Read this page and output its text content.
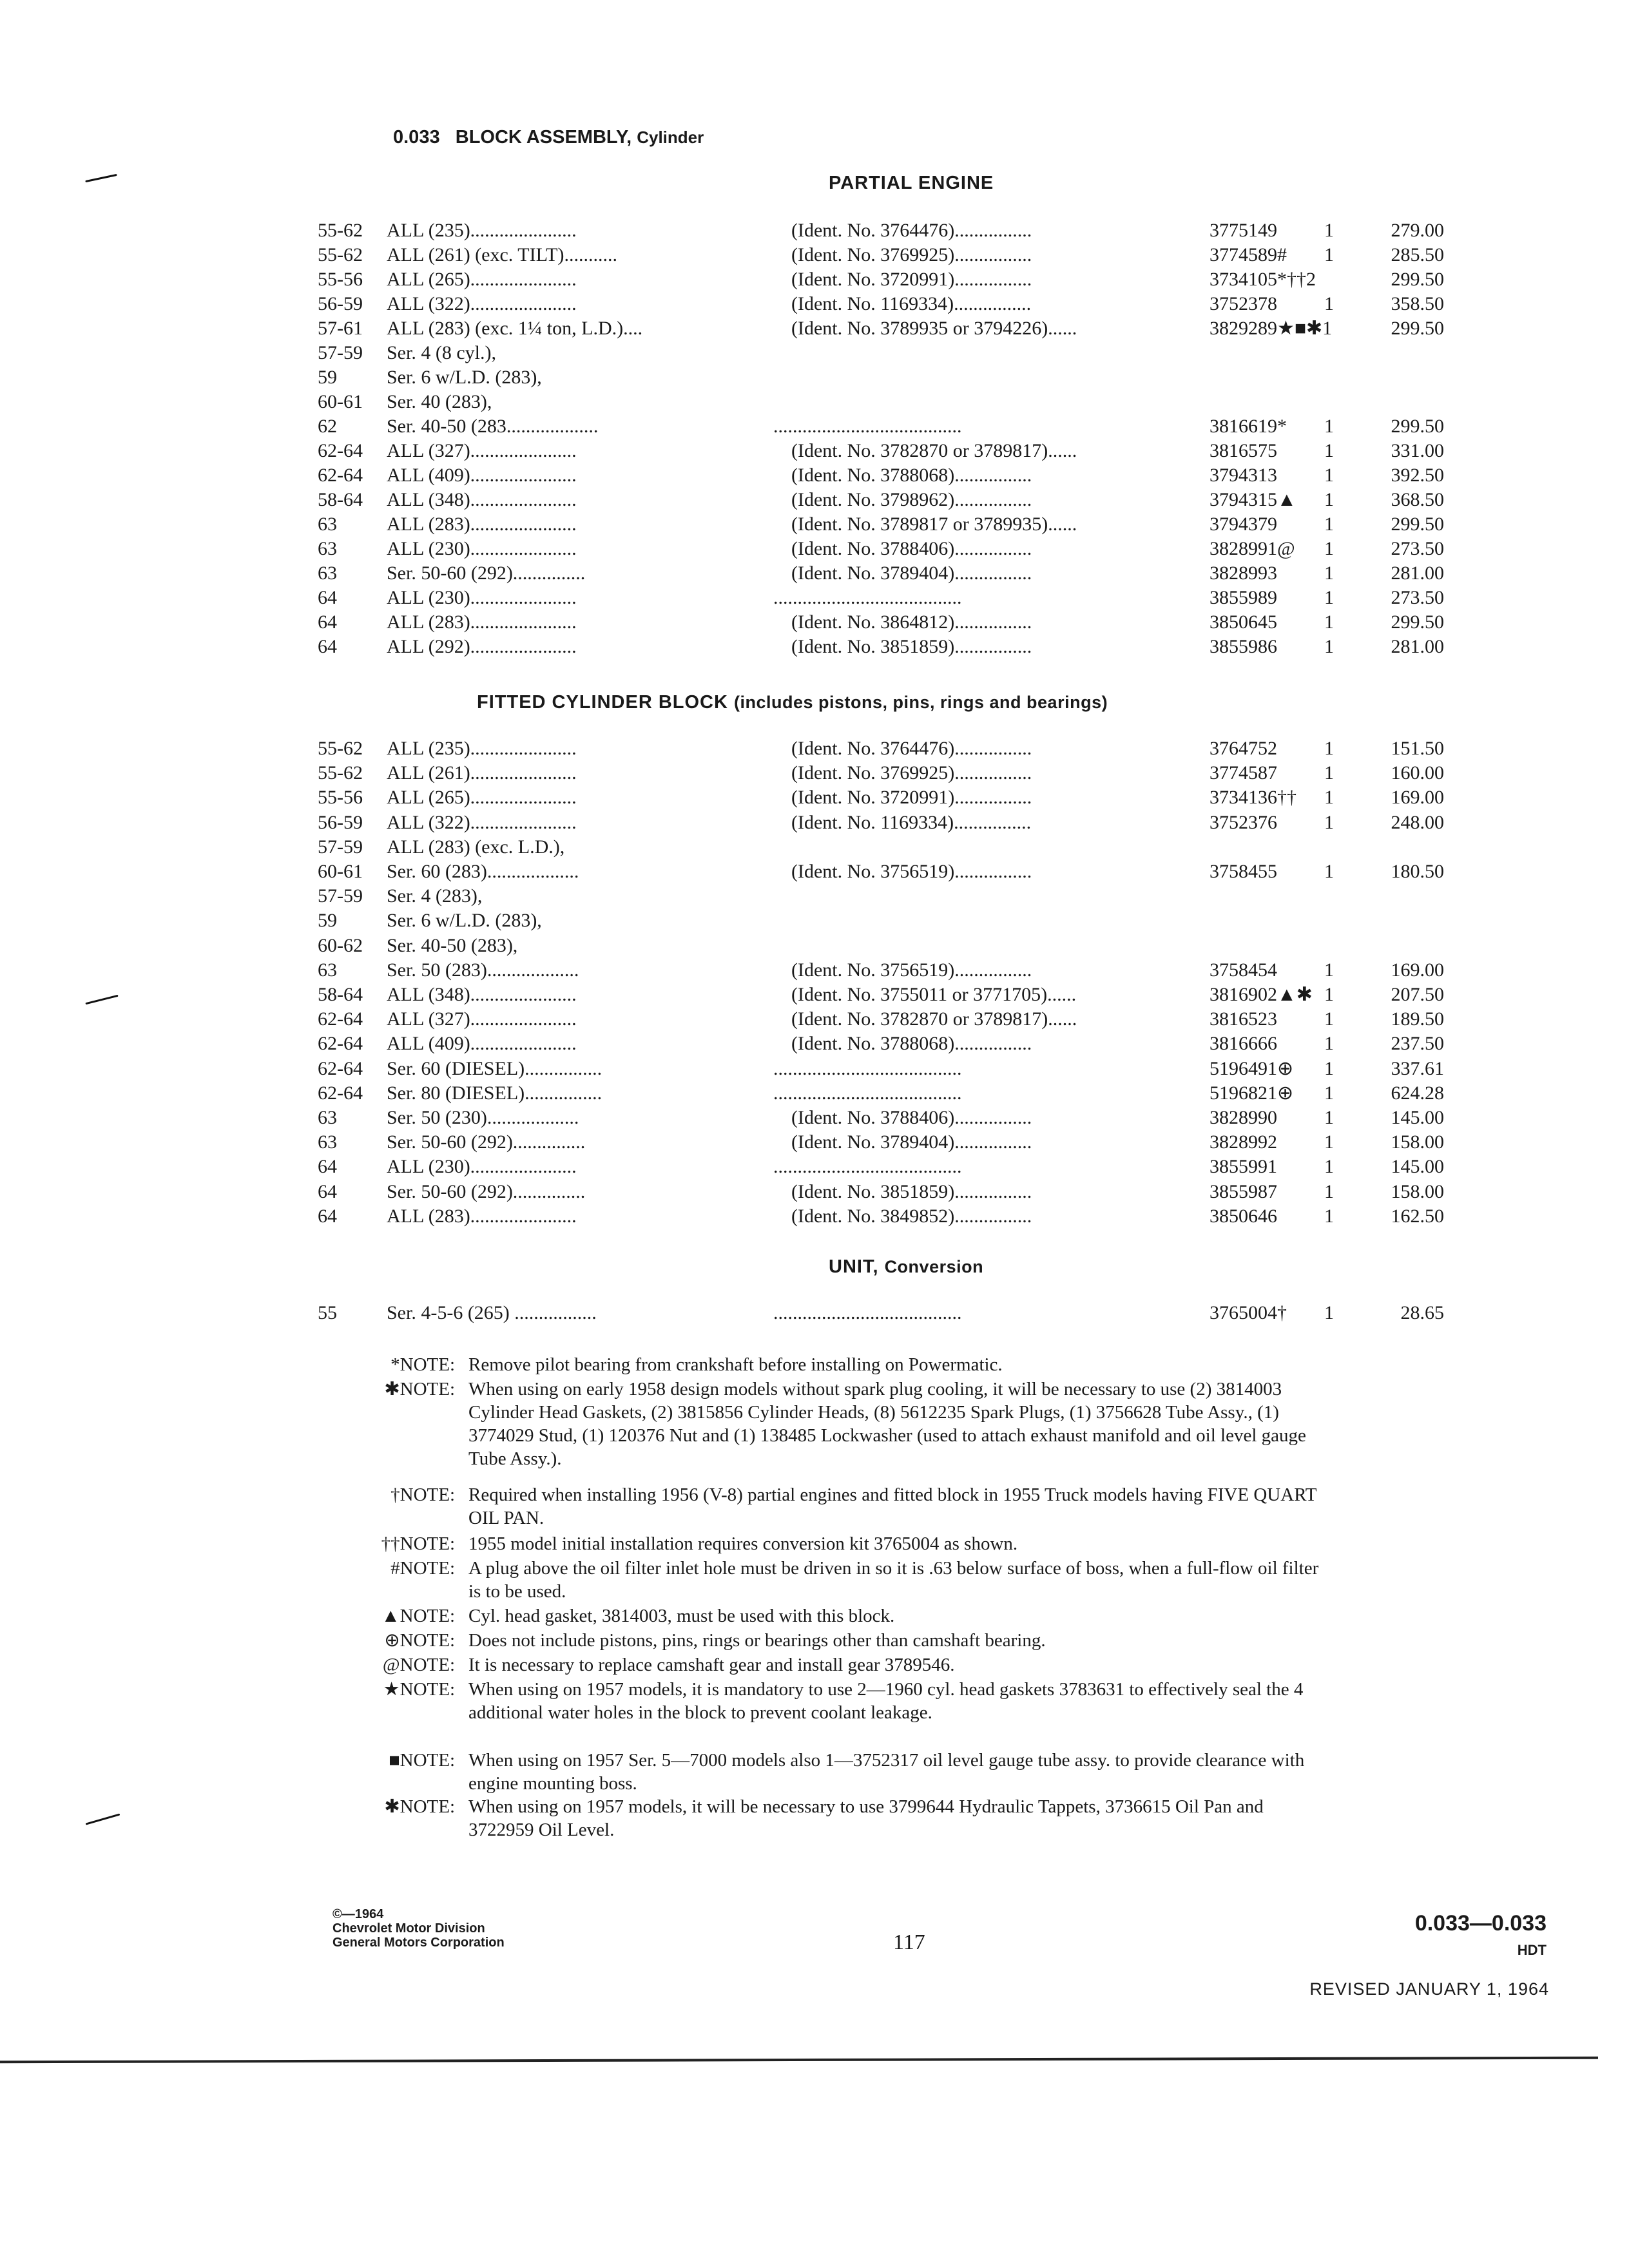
0.033 BLOCK ASSEMBLY, Cylinder
PARTIAL ENGINE
FITTED CYLINDER BLOCK (includes pistons, pins, rings and bearings)
UNIT, Conversion
55-62 ALL (235)......................	(Ident. No. 3764476)................	3775149 1	279.00
55-62 ALL (261) (exc. TILT)...........	(Ident. No. 3769925)................	3774589# 1	285.50
55-56 ALL (265)......................	(Ident. No. 3720991)................	3734105*††2	299.50
56-59 ALL (322)......................	(Ident. No. 1169334)................	3752378 1	358.50
57-61 ALL (283) (exc. 1¼ ton, L.D.)....	(Ident. No. 3789935 or 3794226)......	3829289★■✱1	299.50
57-59 Ser. 4 (8 cyl.),
59	Ser. 6 w/L.D. (283),
60-61 Ser. 40 (283),
62	Ser. 40-50 (283...................	.......................................	3816619* 1	299.50
62-64 ALL (327)......................	(Ident. No. 3782870 or 3789817)......	3816575 1	331.00
62-64 ALL (409)......................	(Ident. No. 3788068)................	3794313 1	392.50
58-64 ALL (348)......................	(Ident. No. 3798962)................	3794315▲ 1	368.50
63	ALL (283)......................	(Ident. No. 3789817 or 3789935)......	3794379 1	299.50
63	ALL (230)......................	(Ident. No. 3788406)................	3828991@ 1	273.50
63	Ser. 50-60 (292)...............	(Ident. No. 3789404)................	3828993 1	281.00
64	ALL (230)......................	.......................................	3855989 1	273.50
64	ALL (283)......................	(Ident. No. 3864812)................	3850645 1	299.50
64	ALL (292)......................	(Ident. No. 3851859)................	3855986 1	281.00
55-62 ALL (235)......................	(Ident. No. 3764476)................	3764752 1	151.50
55-62 ALL (261)......................	(Ident. No. 3769925)................	3774587 1	160.00
55-56 ALL (265)......................	(Ident. No. 3720991)................	3734136†† 1	169.00
56-59 ALL (322)......................	(Ident. No. 1169334)................	3752376 1	248.00
57-59 ALL (283) (exc. L.D.),
60-61 Ser. 60 (283)...................	(Ident. No. 3756519)................	3758455 1	180.50
57-59 Ser. 4 (283),
59	Ser. 6 w/L.D. (283),
60-62 Ser. 40-50 (283),
63	Ser. 50 (283)...................	(Ident. No. 3756519)................	3758454 1	169.00
58-64 ALL (348)......................	(Ident. No. 3755011 or 3771705)......	3816902▲✱ 1	207.50
62-64 ALL (327)......................	(Ident. No. 3782870 or 3789817)......	3816523 1	189.50
62-64 ALL (409)......................	(Ident. No. 3788068)................	3816666 1	237.50
62-64 Ser. 60 (DIESEL)................	.......................................	5196491⊕ 1	337.61
62-64 Ser. 80 (DIESEL)................	.......................................	5196821⊕ 1	624.28
63	Ser. 50 (230)...................	(Ident. No. 3788406)................	3828990 1	145.00
63	Ser. 50-60 (292)...............	(Ident. No. 3789404)................	3828992 1	158.00
64	ALL (230)......................	.......................................	3855991 1	145.00
64	Ser. 50-60 (292)...............	(Ident. No. 3851859)................	3855987 1	158.00
64	ALL (283)......................	(Ident. No. 3849852)................	3850646 1	162.50
55	Ser. 4-5-6 (265) .................	.......................................	3765004† 1	28.65
*NOTE: Remove pilot bearing from crankshaft before installing on Powermatic.
✱NOTE: When using on early 1958 design models without spark plug cooling, it will be necessary to use (2) 3814003 Cylinder Head Gaskets, (2) 3815856 Cylinder Heads, (8) 5612235 Spark Plugs, (1) 3756628 Tube Assy., (1) 3774029 Stud, (1) 120376 Nut and (1) 138485 Lockwasher (used to attach exhaust manifold and oil level gauge Tube Assy.).
†NOTE: Required when installing 1956 (V-8) partial engines and fitted block in 1955 Truck models having FIVE QUART OIL PAN.
††NOTE: 1955 model initial installation requires conversion kit 3765004 as shown.
#NOTE: A plug above the oil filter inlet hole must be driven in so it is .63 below surface of boss, when a full-flow oil filter is to be used.
▲NOTE: Cyl. head gasket, 3814003, must be used with this block.
⊕NOTE: Does not include pistons, pins, rings or bearings other than camshaft bearing.
@NOTE: It is necessary to replace camshaft gear and install gear 3789546.
★NOTE: When using on 1957 models, it is mandatory to use 2—1960 cyl. head gaskets 3783631 to effectively seal the 4 additional water holes in the block to prevent coolant leakage.
■NOTE: When using on 1957 Ser. 5—7000 models also 1—3752317 oil level gauge tube assy. to provide clearance with engine mounting boss.
✱NOTE: When using on 1957 models, it will be necessary to use 3799644 Hydraulic Tappets, 3736615 Oil Pan and 3722959 Oil Level.
©—1964
Chevrolet Motor Division
General Motors Corporation	117
0.033—0.033
HDT
REVISED JANUARY 1, 1964
